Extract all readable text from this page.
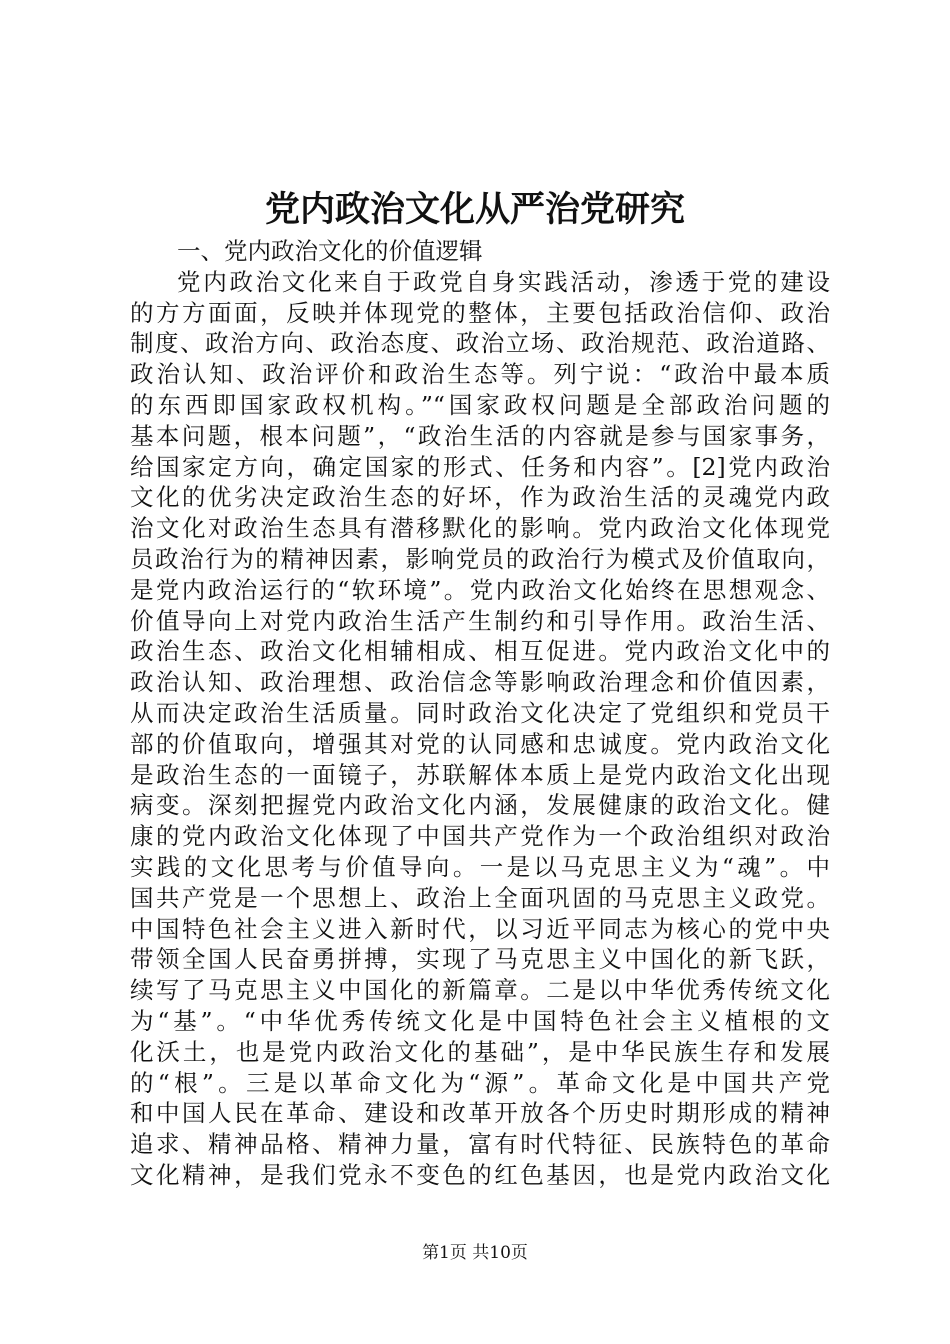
党内政治文化从严治党研究
一、党内政治文化的价值逻辑
党内政治文化来自于政党自身实践活动，渗透于党的建设
的方方面面，反映并体现党的整体，主要包括政治信仰、政治
制度、政治方向、政治态度、政治立场、政治规范、政治道路、
政治认知、政治评价和政治生态等。列宁说：“政治中最本质
的东西即国家政权机构。”“国家政权问题是全部政治问题的
基本问题，根本问题”，“政治生活的内容就是参与国家事务，
给国家定方向，确定国家的形式、任务和内容”。[2]党内政治
文化的优劣决定政治生态的好坏，作为政治生活的灵魂党内政
治文化对政治生态具有潜移默化的影响。党内政治文化体现党
员政治行为的精神因素，影响党员的政治行为模式及价值取向，
是党内政治运行的“软环境”。党内政治文化始终在思想观念、
价值导向上对党内政治生活产生制约和引导作用。政治生活、
政治生态、政治文化相辅相成、相互促进。党内政治文化中的
政治认知、政治理想、政治信念等影响政治理念和价值因素，
从而决定政治生活质量。同时政治文化决定了党组织和党员干
部的价值取向，增强其对党的认同感和忠诚度。党内政治文化
是政治生态的一面镜子，苏联解体本质上是党内政治文化出现
病变。深刻把握党内政治文化内涵，发展健康的政治文化。健
康的党内政治文化体现了中国共产党作为一个政治组织对政治
实践的文化思考与价值导向。一是以马克思主义为“魂”。中
国共产党是一个思想上、政治上全面巩固的马克思主义政党。
中国特色社会主义进入新时代，以习近平同志为核心的党中央
带领全国人民奋勇拼搏，实现了马克思主义中国化的新飞跃，
续写了马克思主义中国化的新篇章。二是以中华优秀传统文化
为“基”。“中华优秀传统文化是中国特色社会主义植根的文
化沃土，也是党内政治文化的基础”，是中华民族生存和发展
的“根”。三是以革命文化为“源”。革命文化是中国共产党
和中国人民在革命、建设和改革开放各个历史时期形成的精神
追求、精神品格、精神力量，富有时代特征、民族特色的革命
文化精神，是我们党永不变色的红色基因，也是党内政治文化
第1页 共10页
